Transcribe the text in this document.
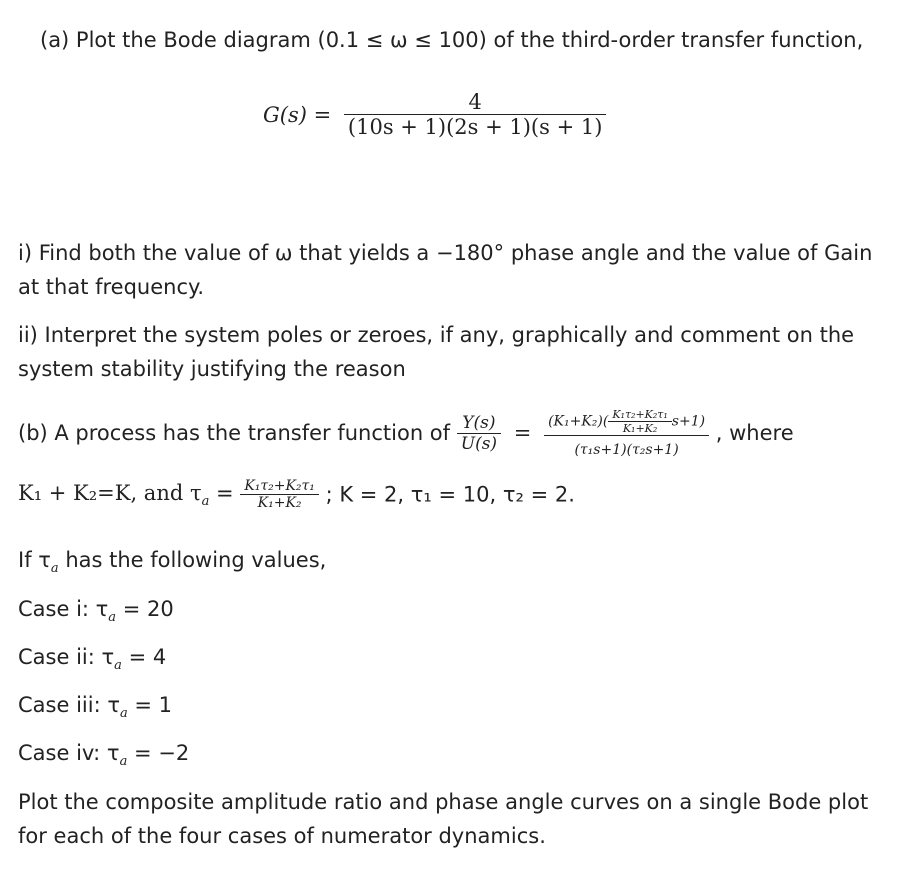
(a) Plot the Bode diagram (0.1 ≤ ω ≤ 100) of the third-order transfer function,
$G(s) = \frac{4}{(10s + 1)(2s + 1)(s + 1)}$
i) Find both the value of ω that yields a −180° phase angle and the value of Gain
at that frequency.
ii) Interpret the system poles or zeroes, if any, graphically and comment on the
system stability justifying the reason
(b) A process has the transfer function of $\frac{Y(s)}{U(s)} = \frac{(K_1+K_2)( \frac{\text{K₁τ₂+K₂τ₁}}{\text{K₁+K₂}} s+1)}{\text{(τ₁s+1)(τ₂s+1)}}$ , where
K₁ + K₂=K, and $\tau_a = \frac{\text{K₁τ₂+K₂τ₁}}{\text{K₁+K₂}}$ ; K = 2, τ₁ = 10, τ₂ = 2.
If $\tau_a$ has the following values,
Case i: $\tau_a = 20$
Case ii: $\tau_a = 4$
Case iii: $\tau_a = 1$
Case iv: $\tau_a = -2$
Plot the composite amplitude ratio and phase angle curves on a single Bode plot
for each of the four cases of numerator dynamics.
